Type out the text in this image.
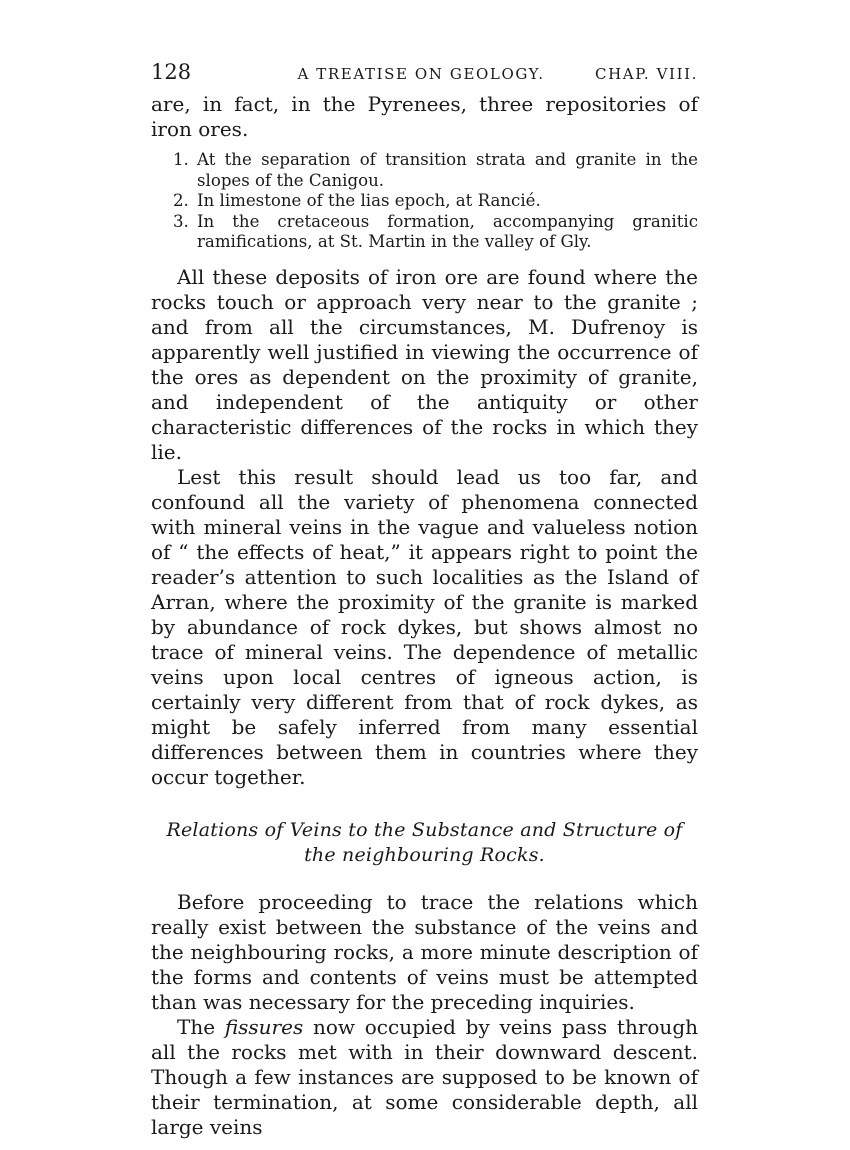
128	A TREATISE ON GEOLOGY.	CHAP. VIII.

are, in fact, in the Pyrenees, three repositories of iron ores.

1. At the separation of transition strata and granite in the slopes of the Canigou.
2. In limestone of the lias epoch, at Rancié.
3. In the cretaceous formation, accompanying granitic ramifications, at St. Martin in the valley of Gly.

All these deposits of iron ore are found where the rocks touch or approach very near to the granite ; and from all the circumstances, M. Dufrenoy is apparently well justified in viewing the occurrence of the ores as dependent on the proximity of granite, and independent of the antiquity or other characteristic differences of the rocks in which they lie.

Lest this result should lead us too far, and confound all the variety of phenomena connected with mineral veins in the vague and valueless notion of “ the effects of heat,” it appears right to point the reader’s attention to such localities as the Island of Arran, where the proximity of the granite is marked by abundance of rock dykes, but shows almost no trace of mineral veins. The dependence of metallic veins upon local centres of igneous action, is certainly very different from that of rock dykes, as might be safely inferred from many essential differences between them in countries where they occur together.

Relations of Veins to the Substance and Structure of
the neighbouring Rocks.

Before proceeding to trace the relations which really exist between the substance of the veins and the neighbouring rocks, a more minute description of the forms and contents of veins must be attempted than was necessary for the preceding inquiries.

The fissures now occupied by veins pass through all the rocks met with in their downward descent. Though a few instances are supposed to be known of their termination, at some considerable depth, all large veins
